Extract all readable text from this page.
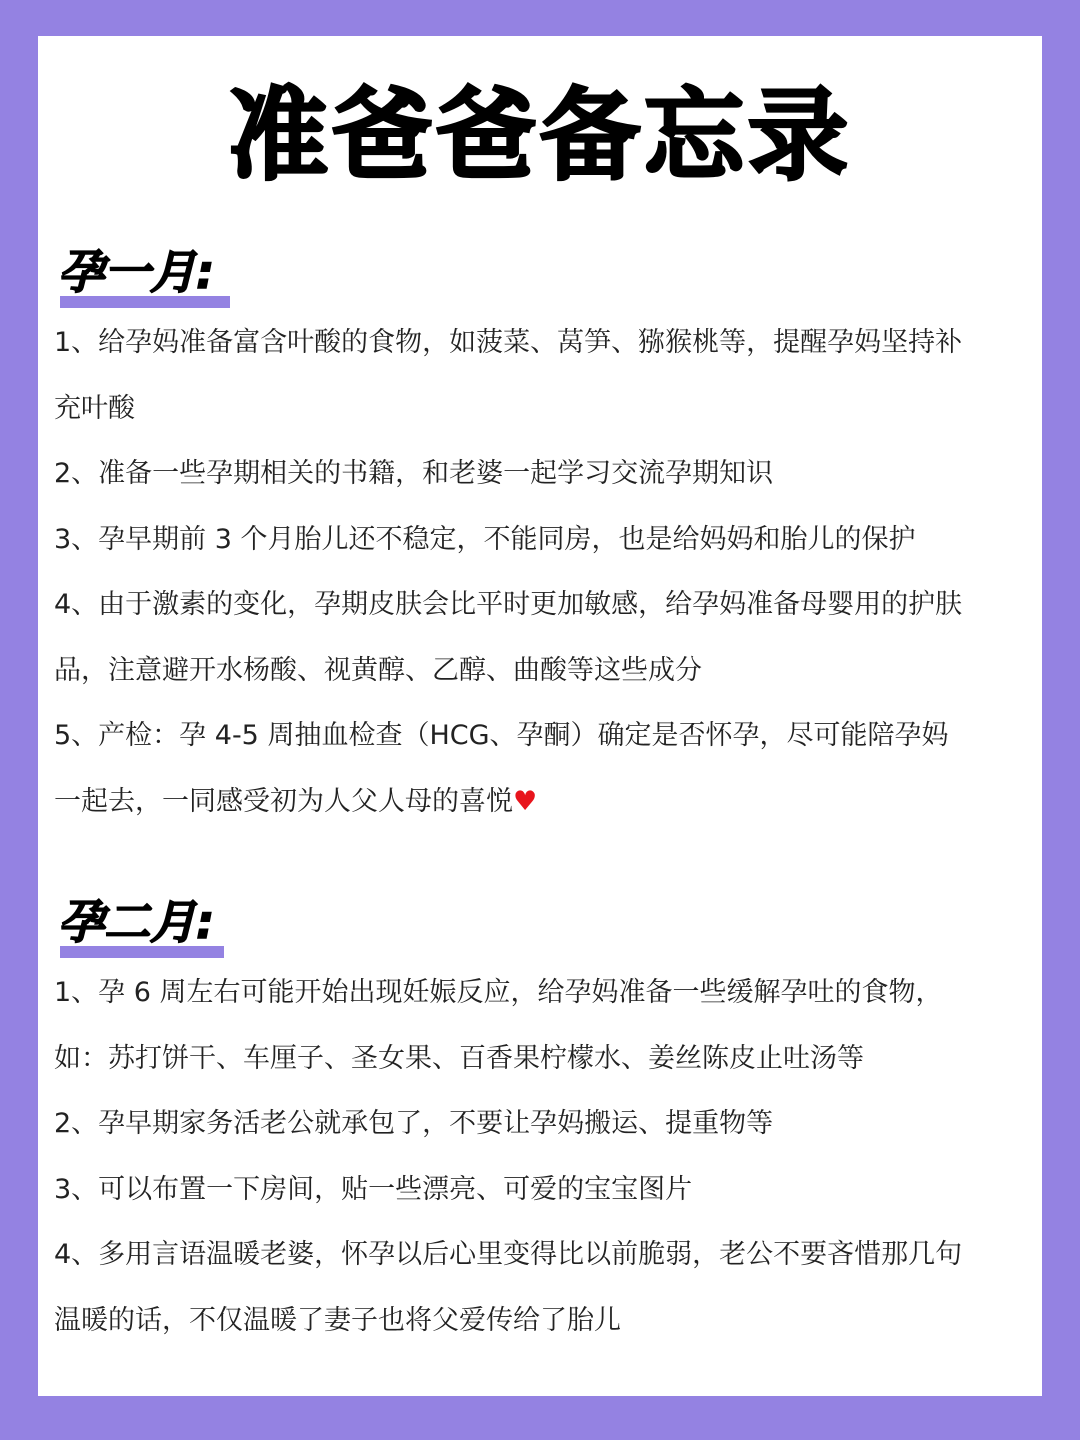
准爸爸备忘录
孕一月:
1、给孕妈准备富含叶酸的食物，如菠菜、莴笋、猕猴桃等，提醒孕妈坚持补
充叶酸
2、准备一些孕期相关的书籍，和老婆一起学习交流孕期知识
3、孕早期前 3 个月胎儿还不稳定，不能同房，也是给妈妈和胎儿的保护
4、由于激素的变化，孕期皮肤会比平时更加敏感，给孕妈准备母婴用的护肤
品，注意避开水杨酸、视黄醇、乙醇、曲酸等这些成分
5、产检：孕 4-5 周抽血检查（HCG、孕酮）确定是否怀孕，尽可能陪孕妈
一起去，一同感受初为人父人母的喜悦♥
孕二月:
1、孕 6 周左右可能开始出现妊娠反应，给孕妈准备一些缓解孕吐的食物，
如：苏打饼干、车厘子、圣女果、百香果柠檬水、姜丝陈皮止吐汤等
2、孕早期家务活老公就承包了，不要让孕妈搬运、提重物等
3、可以布置一下房间，贴一些漂亮、可爱的宝宝图片
4、多用言语温暖老婆，怀孕以后心里变得比以前脆弱，老公不要吝惜那几句
温暖的话，不仅温暖了妻子也将父爱传给了胎儿
